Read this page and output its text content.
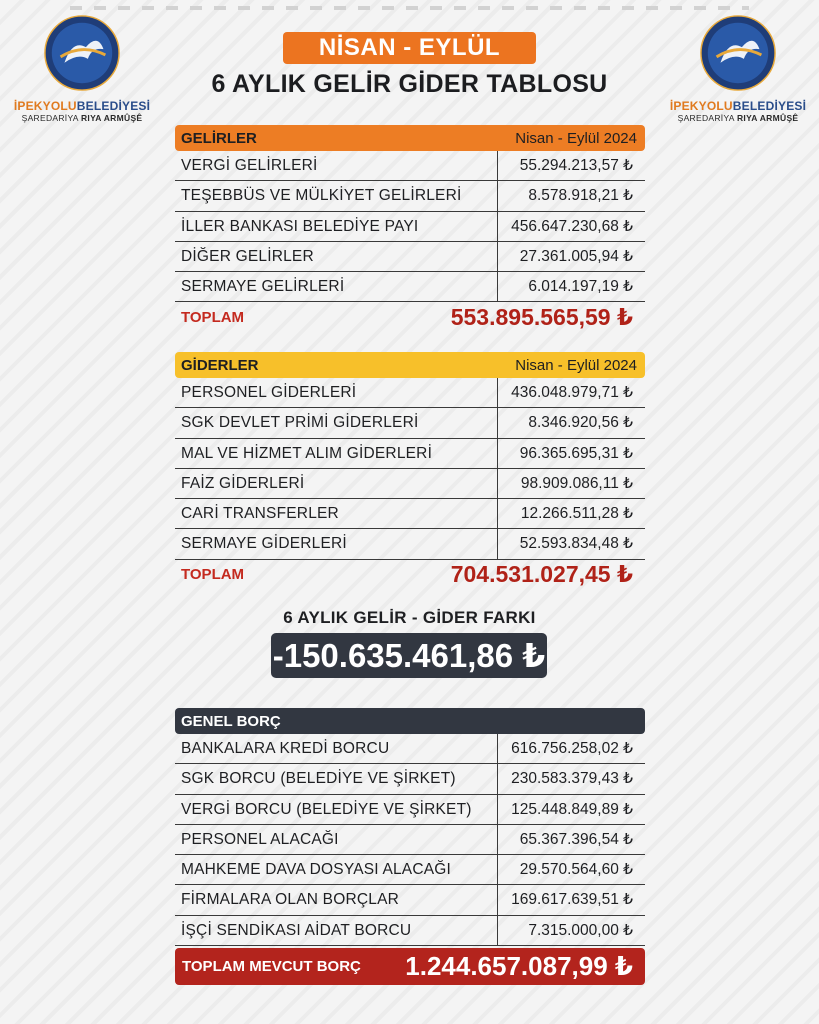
İPEKYOLUBELEDİYESİ
ŞAREDARİYA RIYA ARMÛŞÊ
İPEKYOLUBELEDİYESİ
ŞAREDARİYA RIYA ARMÛŞÊ
NİSAN - EYLÜL
6 AYLIK GELİR GİDER TABLOSU
GELİRLER	Nisan - Eylül 2024
VERGİ GELİRLERİ	55.294.213,57 ₺
TEŞEBBÜS VE MÜLKİYET GELİRLERİ	8.578.918,21 ₺
İLLER BANKASI BELEDİYE PAYI	456.647.230,68 ₺
DİĞER GELİRLER	27.361.005,94 ₺
SERMAYE GELİRLERİ	6.014.197,19 ₺
TOPLAM	553.895.565,59 ₺
GİDERLER	Nisan - Eylül 2024
PERSONEL GİDERLERİ	436.048.979,71 ₺
SGK DEVLET PRİMİ GİDERLERİ	8.346.920,56 ₺
MAL VE HİZMET ALIM GİDERLERİ	96.365.695,31 ₺
FAİZ GİDERLERİ	98.909.086,11 ₺
CARİ TRANSFERLER	12.266.511,28 ₺
SERMAYE GİDERLERİ	52.593.834,48 ₺
TOPLAM	704.531.027,45 ₺
6 AYLIK GELİR - GİDER FARKI
-150.635.461,86 ₺
GENEL BORÇ
BANKALARA KREDİ BORCU	616.756.258,02 ₺
SGK BORCU (BELEDİYE VE ŞİRKET)	230.583.379,43 ₺
VERGİ BORCU (BELEDİYE VE ŞİRKET)	125.448.849,89 ₺
PERSONEL ALACAĞI	65.367.396,54 ₺
MAHKEME DAVA DOSYASI ALACAĞI	29.570.564,60 ₺
FİRMALARA OLAN BORÇLAR	169.617.639,51 ₺
İŞÇİ SENDİKASI AİDAT BORCU	7.315.000,00 ₺
TOPLAM MEVCUT BORÇ 1.244.657.087,99 ₺
